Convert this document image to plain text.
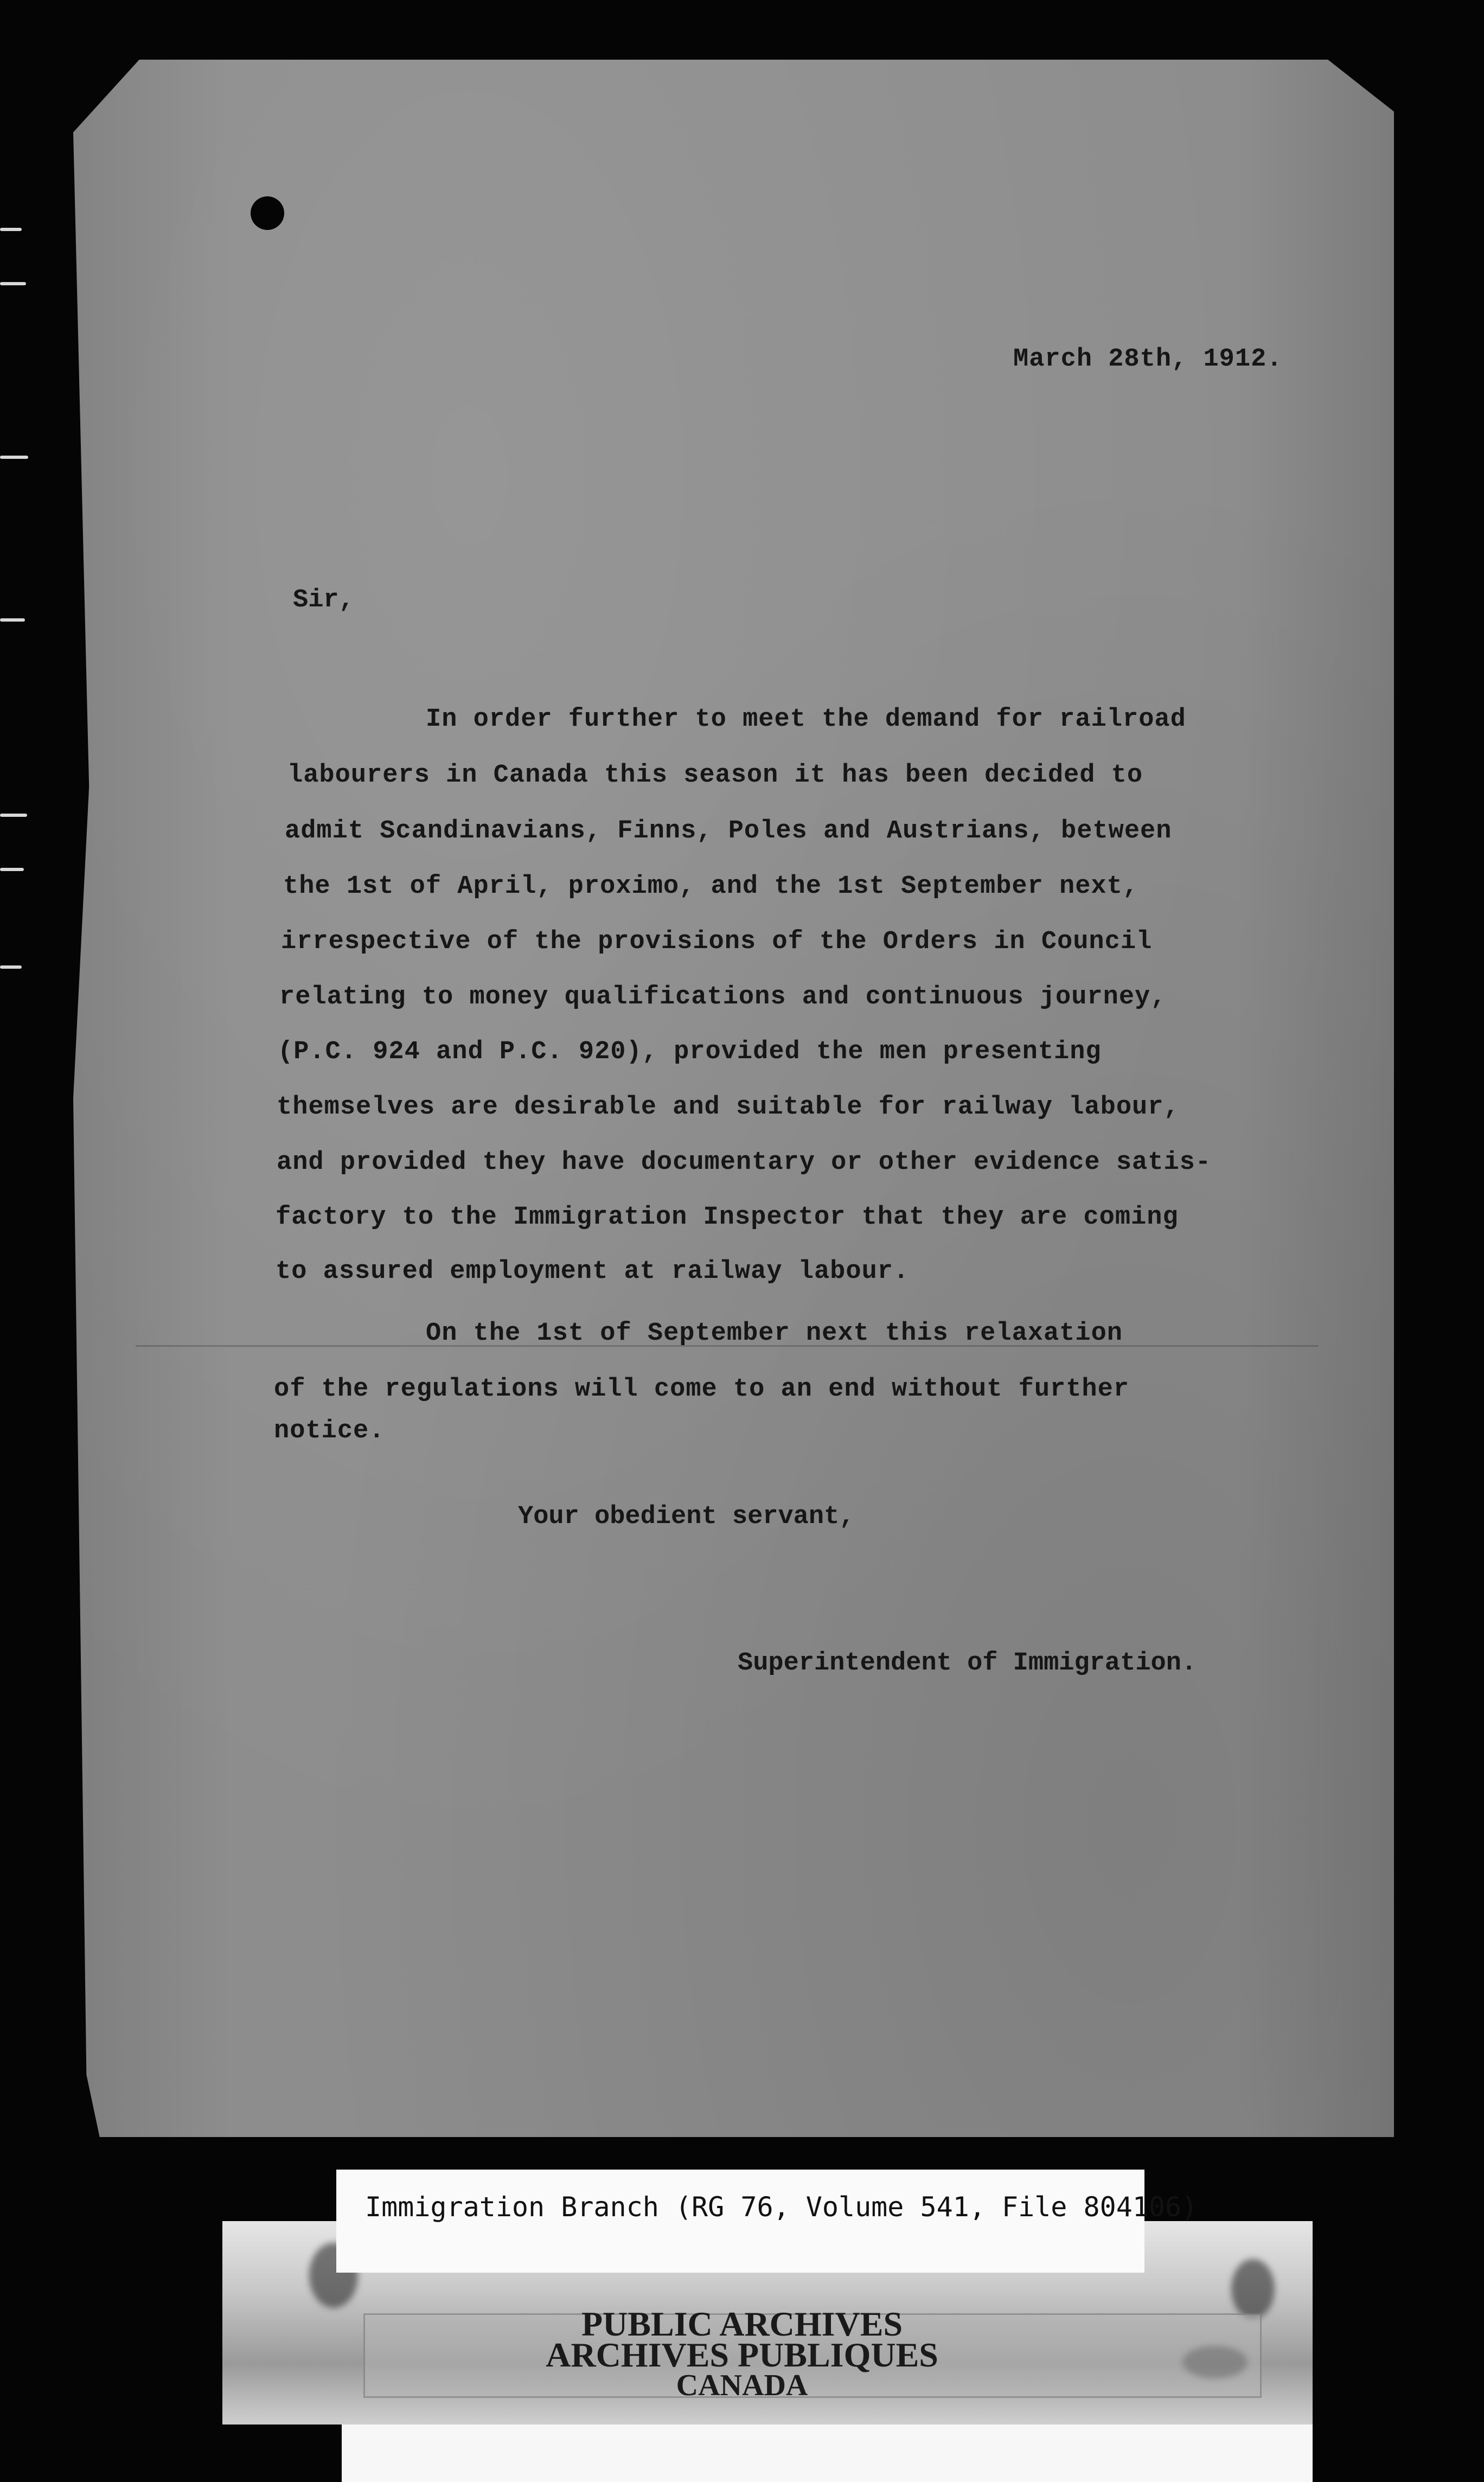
March 28th, 1912.
Sir,
In order further to meet the demand for railroad
labourers in Canada this season it has been decided to
admit Scandinavians, Finns, Poles and Austrians, between
the 1st of April, proximo, and the 1st September next,
irrespective of the provisions of the Orders in Council
relating to money qualifications and continuous journey,
(P.C. 924 and P.C. 920), provided the men presenting
themselves are desirable and suitable for railway labour,
and provided they have documentary or other evidence satis-
factory to the Immigration Inspector that they are coming
to assured employment at railway labour.
On the 1st of September next this relaxation
of the regulations will come to an end without further
notice.
Your obedient servant,
Superintendent of Immigration.
Immigration Branch (RG 76, Volume 541, File 804106)
PUBLIC ARCHIVES
ARCHIVES PUBLIQUES
CANADA
